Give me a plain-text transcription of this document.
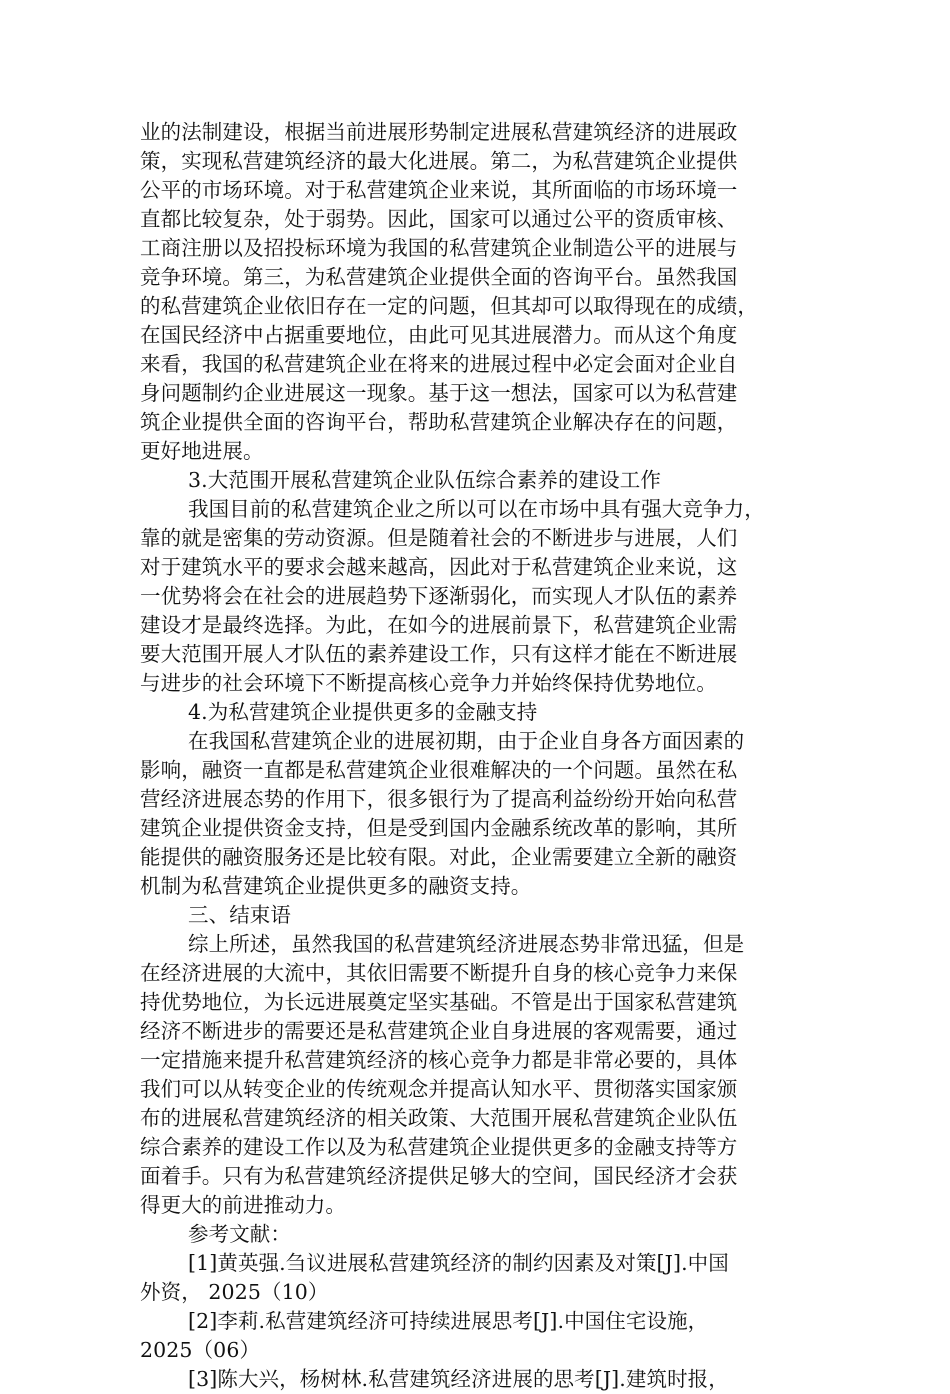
业的法制建设，根据当前进展形势制定进展私营建筑经济的进展政
策，实现私营建筑经济的最大化进展。第二，为私营建筑企业提供
公平的市场环境。对于私营建筑企业来说，其所面临的市场环境一
直都比较复杂，处于弱势。因此，国家可以通过公平的资质审核、
工商注册以及招投标环境为我国的私营建筑企业制造公平的进展与
竞争环境。第三，为私营建筑企业提供全面的咨询平台。虽然我国
的私营建筑企业依旧存在一定的问题，但其却可以取得现在的成绩，
在国民经济中占据重要地位，由此可见其进展潜力。而从这个角度
来看，我国的私营建筑企业在将来的进展过程中必定会面对企业自
身问题制约企业进展这一现象。基于这一想法，国家可以为私营建
筑企业提供全面的咨询平台，帮助私营建筑企业解决存在的问题，
更好地进展。
3.大范围开展私营建筑企业队伍综合素养的建设工作
我国目前的私营建筑企业之所以可以在市场中具有强大竞争力，
靠的就是密集的劳动资源。但是随着社会的不断进步与进展，人们
对于建筑水平的要求会越来越高，因此对于私营建筑企业来说，这
一优势将会在社会的进展趋势下逐渐弱化，而实现人才队伍的素养
建设才是最终选择。为此，在如今的进展前景下，私营建筑企业需
要大范围开展人才队伍的素养建设工作，只有这样才能在不断进展
与进步的社会环境下不断提高核心竞争力并始终保持优势地位。
4.为私营建筑企业提供更多的金融支持
在我国私营建筑企业的进展初期，由于企业自身各方面因素的
影响，融资一直都是私营建筑企业很难解决的一个问题。虽然在私
营经济进展态势的作用下，很多银行为了提高利益纷纷开始向私营
建筑企业提供资金支持，但是受到国内金融系统改革的影响，其所
能提供的融资服务还是比较有限。对此，企业需要建立全新的融资
机制为私营建筑企业提供更多的融资支持。
三、结束语
综上所述，虽然我国的私营建筑经济进展态势非常迅猛，但是
在经济进展的大流中，其依旧需要不断提升自身的核心竞争力来保
持优势地位，为长远进展奠定坚实基础。不管是出于国家私营建筑
经济不断进步的需要还是私营建筑企业自身进展的客观需要，通过
一定措施来提升私营建筑经济的核心竞争力都是非常必要的，具体
我们可以从转变企业的传统观念并提高认知水平、贯彻落实国家颁
布的进展私营建筑经济的相关政策、大范围开展私营建筑企业队伍
综合素养的建设工作以及为私营建筑企业提供更多的金融支持等方
面着手。只有为私营建筑经济提供足够大的空间，国民经济才会获
得更大的前进推动力。
参考文献：
[1]黄英强.刍议进展私营建筑经济的制约因素及对策[J].中国
外资， 2025（10）
[2]李莉.私营建筑经济可持续进展思考[J].中国住宅设施，
2025（06）
[3]陈大兴，杨树林.私营建筑经济进展的思考[J].建筑时报，
